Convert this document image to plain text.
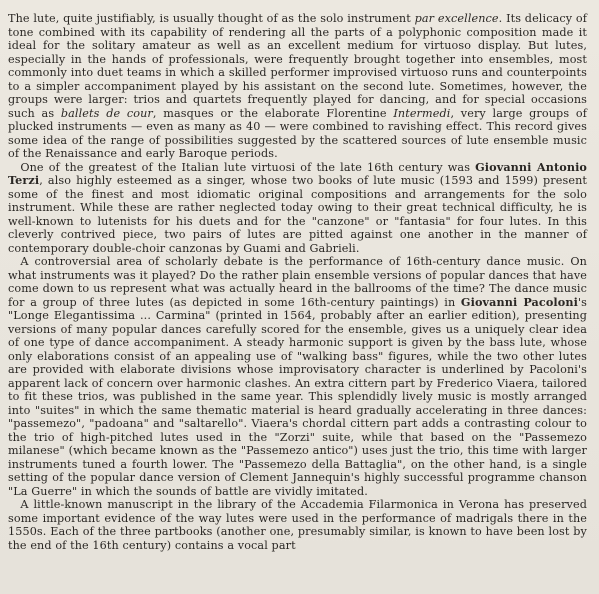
The lute, quite justifiably, is usually thought of as the solo instrument par excellence. Its delicacy of tone combined with its capability of rendering all the parts of a polyphonic composition made it ideal for the solitary amateur as well as an excellent medium for virtuoso display. But lutes, especially in the hands of professionals, were frequently brought together into ensembles, most commonly into duet teams in which a skilled performer improvised virtuoso runs and counterpoints to a simpler accompaniment played by his assistant on the second lute. Sometimes, however, the groups were larger: trios and quartets frequently played for dancing, and for special occasions such as ballets de cour, masques or the elaborate Florentine Intermedi, very large groups of plucked instruments — even as many as 40 — were combined to ravishing effect. This record gives some idea of the range of possibilities suggested by the scattered sources of lute ensemble music of the Renaissance and early Baroque periods.

One of the greatest of the Italian lute virtuosi of the late 16th century was Giovanni Antonio Terzi, also highly esteemed as a singer, whose two books of lute music (1593 and 1599) present some of the finest and most idiomatic original compositions and arrangements for the solo instrument. While these are rather neglected today owing to their great technical difficulty, he is well-known to lutenists for his duets and for the "canzone" or "fantasia" for four lutes. In this cleverly contrived piece, two pairs of lutes are pitted against one another in the manner of contemporary double-choir canzonas by Guami and Gabrieli.

A controversial area of scholarly debate is the performance of 16th-century dance music. On what instruments was it played? Do the rather plain ensemble versions of popular dances that have come down to us represent what was actually heard in the ballrooms of the time? The dance music for a group of three lutes (as depicted in some 16th-century paintings) in Giovanni Pacoloni's "Longe Elegantissima ... Carmina" (printed in 1564, probably after an earlier edition), presenting versions of many popular dances carefully scored for the ensemble, gives us a uniquely clear idea of one type of dance accompaniment. A steady harmonic support is given by the bass lute, whose only elaborations consist of an appealing use of "walking bass" figures, while the two other lutes are provided with elaborate divisions whose improvisatory character is underlined by Pacoloni's apparent lack of concern over harmonic clashes. An extra cittern part by Frederico Viaera, tailored to fit these trios, was published in the same year. This splendidly lively music is mostly arranged into "suites" in which the same thematic material is heard gradually accelerating in three dances: "passemezo", "padoana" and "saltarello". Viaera's chordal cittern part adds a contrasting colour to the trio of high-pitched lutes used in the "Zorzi" suite, while that based on the "Passemezo milanese" (which became known as the "Passemezo antico") uses just the trio, this time with larger instruments tuned a fourth lower. The "Passemezo della Battaglia", on the other hand, is a single setting of the popular dance version of Clement Jannequin's highly successful programme chanson "La Guerre" in which the sounds of battle are vividly imitated.

A little-known manuscript in the library of the Accademia Filarmonica in Verona has preserved some important evidence of the way lutes were used in the performance of madrigals there in the 1550s. Each of the three partbooks (another one, presumably similar, is known to have been lost by the end of the 16th century) contains a vocal part
